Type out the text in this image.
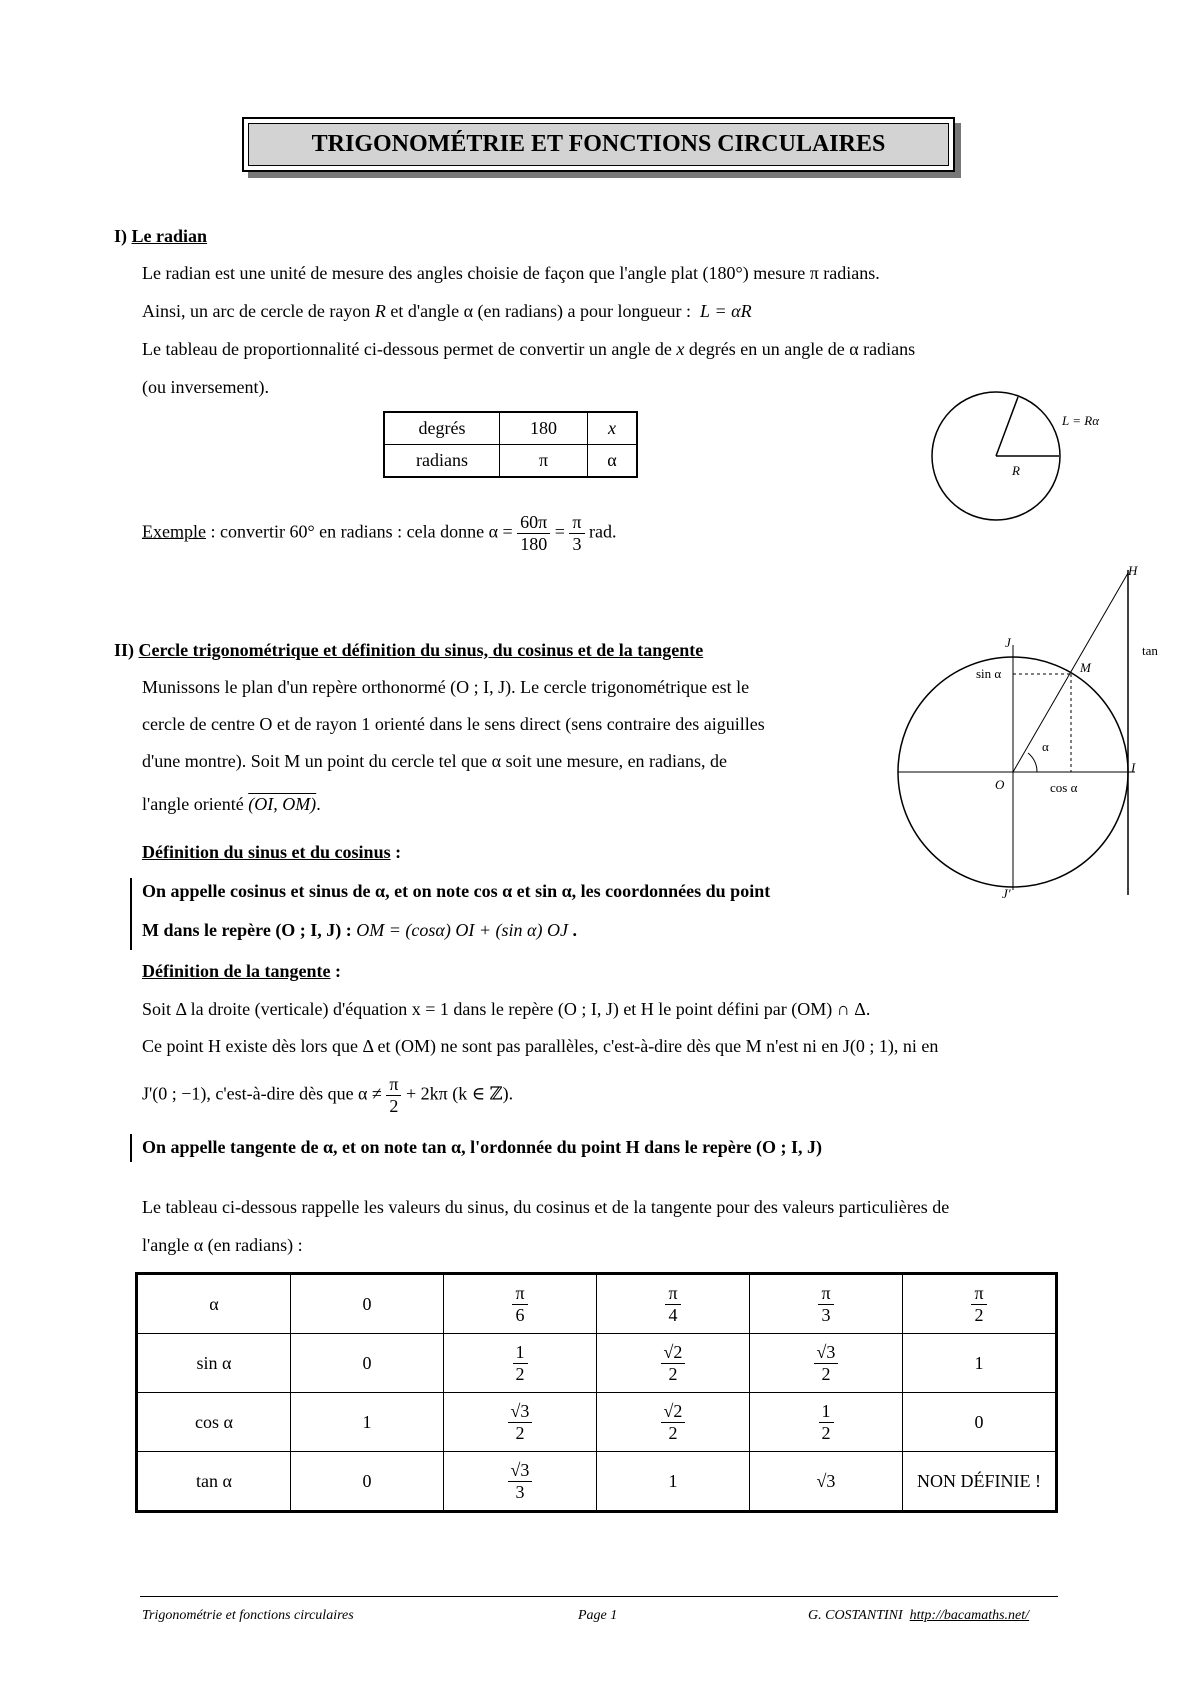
TRIGONOMÉTRIE ET FONCTIONS CIRCULAIRES
I) Le radian
Le radian est une unité de mesure des angles choisie de façon que l'angle plat (180°) mesure π radians.
Ainsi, un arc de cercle de rayon R et d'angle α (en radians) a pour longueur : L = αR
Le tableau de proportionnalité ci-dessous permet de convertir un angle de x degrés en un angle de α radians
(ou inversement).
degrés	180	x
radians	π	α
L = Rα
R
Exemple : convertir 60° en radians : cela donne $\alpha = \frac{60\pi}{180} = \frac{\pi}{3}$ rad.
II) Cercle trigonométrique et définition du sinus, du cosinus et de la tangente
Munissons le plan d'un repère orthonormé (O ; I, J). Le cercle trigonométrique est le
cercle de centre O et de rayon 1 orienté dans le sens direct (sens contraire des aiguilles
d'une montre). Soit M un point du cercle tel que α soit une mesure, en radians, de
l'angle orienté (OI, OM).
Définition du sinus et du cosinus :
On appelle cosinus et sinus de α, et on note cos α et sin α, les coordonnées du point
M dans le repère (O ; I, J) : OM = (cosα) OI + (sin α) OJ .
Définition de la tangente :
Soit Δ la droite (verticale) d'équation x = 1 dans le repère (O ; I, J) et H le point défini par (OM) ∩ Δ.
Ce point H existe dès lors que Δ et (OM) ne sont pas parallèles, c'est-à-dire dès que M n'est ni en J(0 ; 1), ni en
J'(0 ; −1), c'est-à-dire dès que $\alpha \ne \frac{\pi}{2} + 2k\pi$ (k ∈ ℤ).
On appelle tangente de α, et on note tan α, l'ordonnée du point H dans le repère (O ; I, J)
Le tableau ci-dessous rappelle les valeurs du sinus, du cosinus et de la tangente pour des valeurs particulières de
l'angle α (en radians) :
H
tan
J
M
sin α
α
O	cos α
I
J'
α	0	$\frac{\pi}{6}$	$\frac{\pi}{4}$	$\frac{\pi}{3}$	$\frac{\pi}{2}$

sin α	0	$\frac{1}{2}$	$\frac{√2}{2}$	$\frac{√3}{2}$	1
cos α	1	$\frac{√3}{2}$	$\frac{√2}{2}$	$\frac{1}{2}$	0
tan α	0	$\frac{√3}{3}$	1	√3	NON DÉFINIE !
Trigonométrie et fonctions circulaires	Page 1	G. COSTANTINI http://bacamaths.net/
